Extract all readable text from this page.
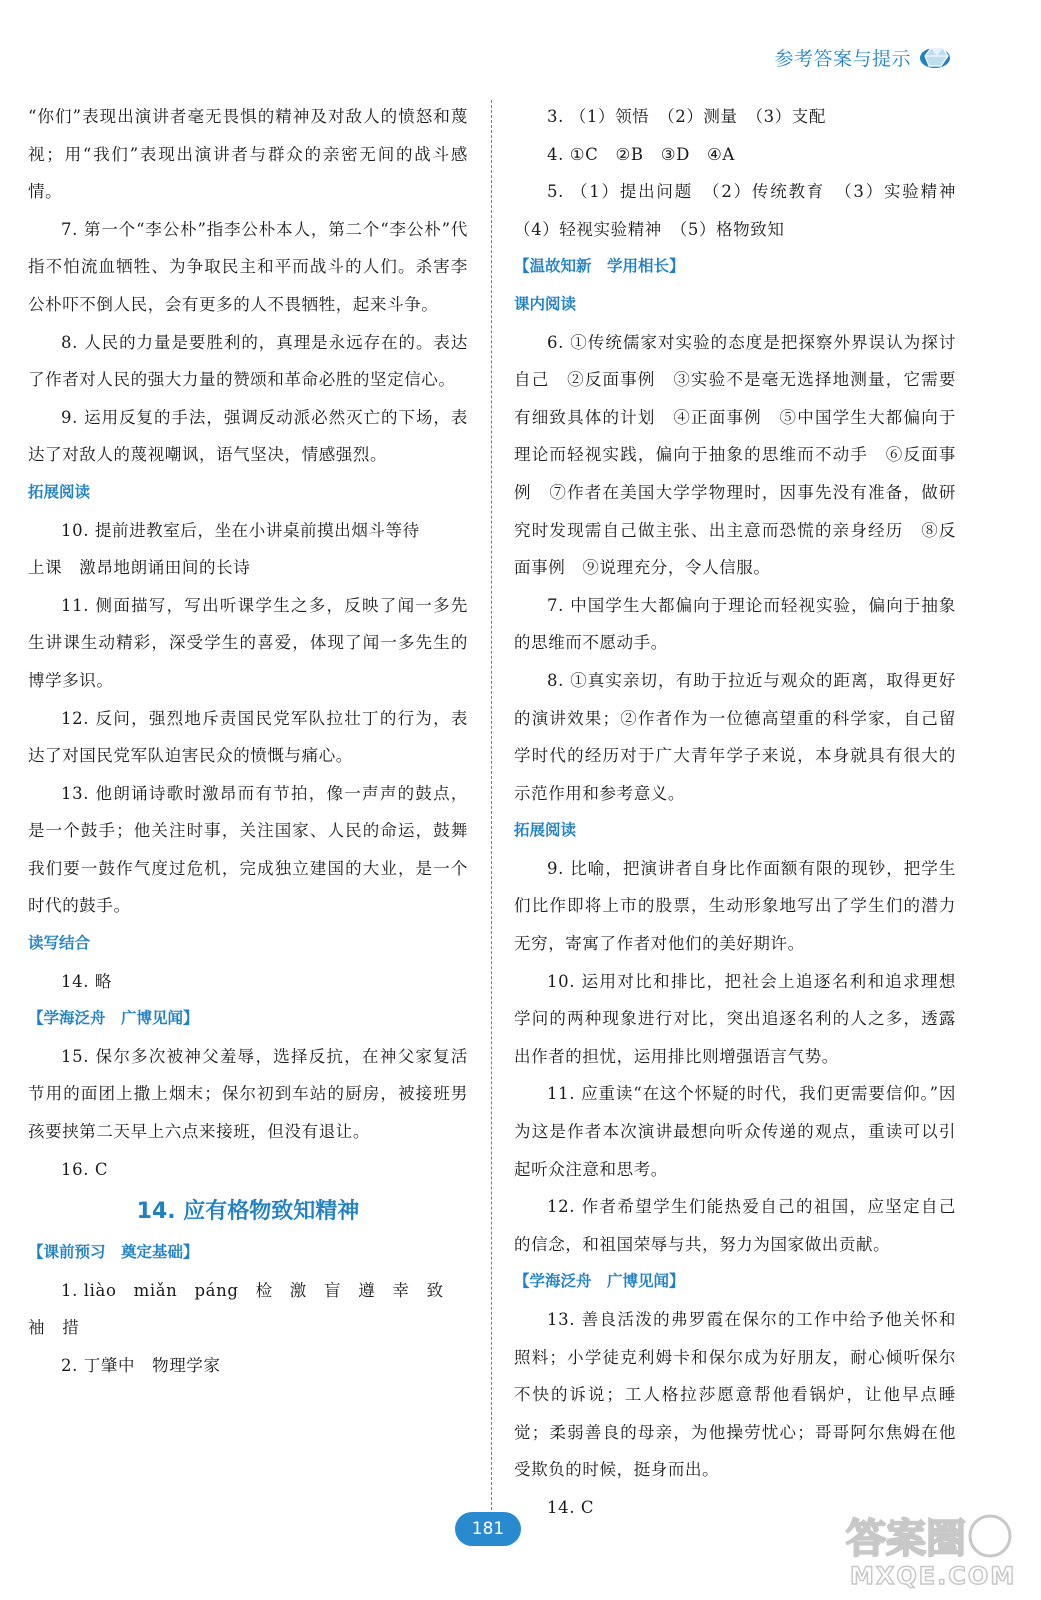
参考答案与提示

“你们”表现出演讲者毫无畏惧的精神及对敌人的愤怒和蔑视；用“我们”表现出演讲者与群众的亲密无间的战斗感情。

7. 第一个“李公朴”指李公朴本人，第二个“李公朴”代指不怕流血牺牲、为争取民主和平而战斗的人们。杀害李公朴吓不倒人民，会有更多的人不畏牺牲，起来斗争。

8. 人民的力量是要胜利的，真理是永远存在的。表达了作者对人民的强大力量的赞颂和革命必胜的坚定信心。

9. 运用反复的手法，强调反动派必然灭亡的下场，表达了对敌人的蔑视嘲讽，语气坚决，情感强烈。

拓展阅读

10. 提前进教室后，坐在小讲桌前摸出烟斗等待

上课　激昂地朗诵田间的长诗

11. 侧面描写，写出听课学生之多，反映了闻一多先生讲课生动精彩，深受学生的喜爱，体现了闻一多先生的博学多识。

12. 反问，强烈地斥责国民党军队拉壮丁的行为，表达了对国民党军队迫害民众的愤慨与痛心。

13. 他朗诵诗歌时激昂而有节拍，像一声声的鼓点，是一个鼓手；他关注时事，关注国家、人民的命运，鼓舞我们要一鼓作气度过危机，完成独立建国的大业，是一个时代的鼓手。

读写结合

14. 略

【学海泛舟　广博见闻】

15. 保尔多次被神父羞辱，选择反抗，在神父家复活节用的面团上撒上烟末；保尔初到车站的厨房，被接班男孩要挟第二天早上六点来接班，但没有退让。

16. C

14. 应有格物致知精神

【课前预习　奠定基础】

1. liào　miǎn　páng　检　激　盲　遵　幸　致

袖　措

2. 丁肇中　物理学家

3. （1）领悟　（2）测量　（3）支配

4. ①C　②B　③D　④A

5. （1）提出问题　（2）传统教育　（3）实验精神　（4）轻视实验精神　（5）格物致知

【温故知新　学用相长】

课内阅读

6. ①传统儒家对实验的态度是把探察外界误认为探讨自己　②反面事例　③实验不是毫无选择地测量，它需要有细致具体的计划　④正面事例　⑤中国学生大都偏向于理论而轻视实践，偏向于抽象的思维而不动手　⑥反面事例　⑦作者在美国大学学物理时，因事先没有准备，做研究时发现需自己做主张、出主意而恐慌的亲身经历　⑧反面事例　⑨说理充分，令人信服。

7. 中国学生大都偏向于理论而轻视实验，偏向于抽象的思维而不愿动手。

8. ①真实亲切，有助于拉近与观众的距离，取得更好的演讲效果；②作者作为一位德高望重的科学家，自己留学时代的经历对于广大青年学子来说，本身就具有很大的示范作用和参考意义。

拓展阅读

9. 比喻，把演讲者自身比作面额有限的现钞，把学生们比作即将上市的股票，生动形象地写出了学生们的潜力无穷，寄寓了作者对他们的美好期许。

10. 运用对比和排比，把社会上追逐名利和追求理想学问的两种现象进行对比，突出追逐名利的人之多，透露出作者的担忧，运用排比则增强语言气势。

11. 应重读“在这个怀疑的时代，我们更需要信仰。”因为这是作者本次演讲最想向听众传递的观点，重读可以引起听众注意和思考。

12. 作者希望学生们能热爱自己的祖国，应坚定自己的信念，和祖国荣辱与共，努力为国家做出贡献。

【学海泛舟　广博见闻】

13. 善良活泼的弗罗霞在保尔的工作中给予他关怀和照料；小学徒克利姆卡和保尔成为好朋友，耐心倾听保尔不快的诉说；工人格拉莎愿意帮他看锅炉，让他早点睡觉；柔弱善良的母亲，为他操劳忧心；哥哥阿尔焦姆在他受欺负的时候，挺身而出。

14. C

181	答案圈
MXQE.COM
